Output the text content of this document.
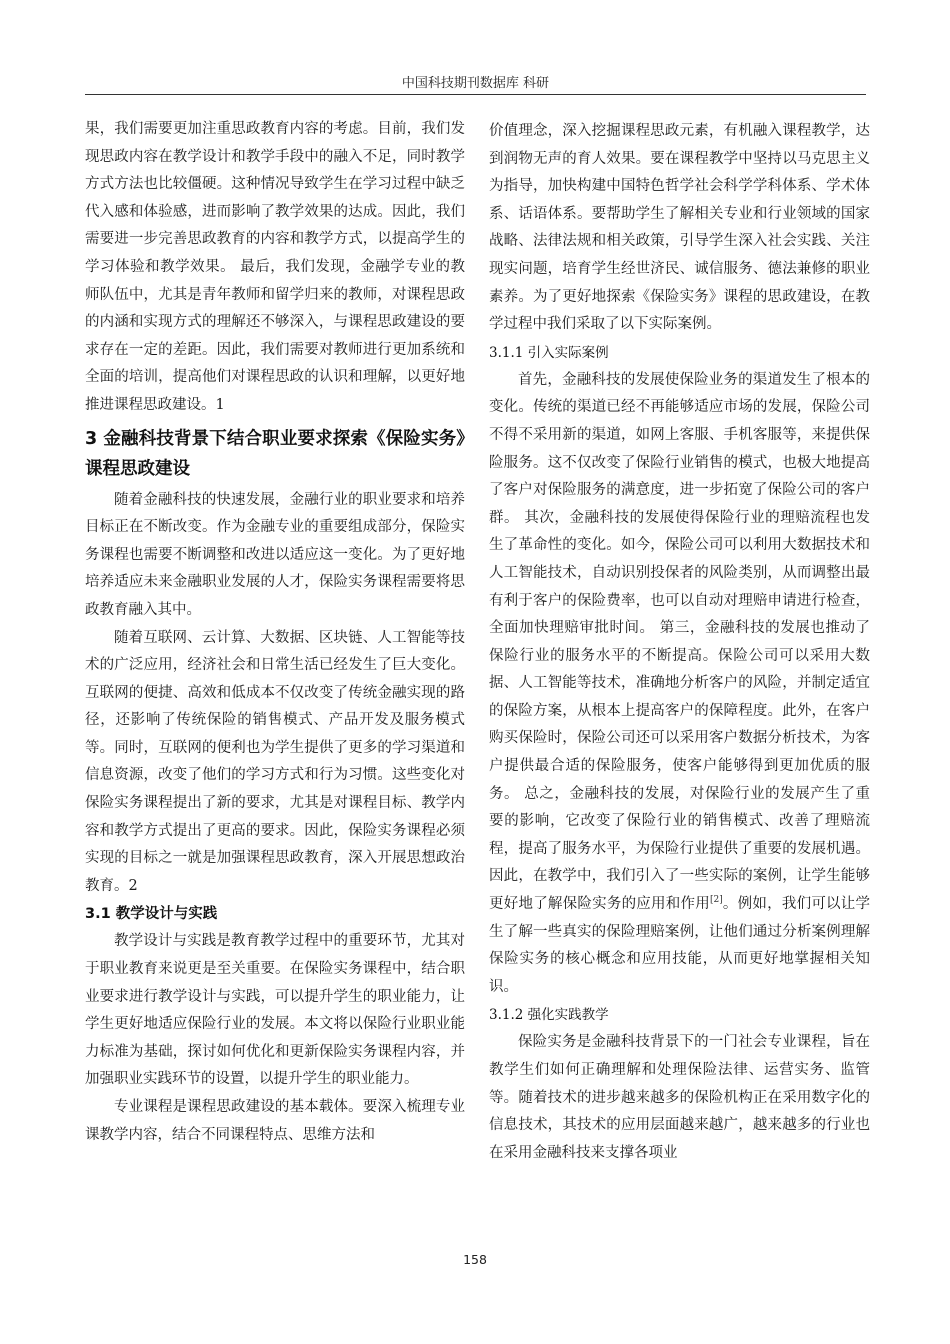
中国科技期刊数据库 科研

果，我们需要更加注重思政教育内容的考虑。目前，我们发现思政内容在教学设计和教学手段中的融入不足，同时教学方式方法也比较僵硬。这种情况导致学生在学习过程中缺乏代入感和体验感，进而影响了教学效果的达成。因此，我们需要进一步完善思政教育的内容和教学方式，以提高学生的学习体验和教学效果。 最后，我们发现，金融学专业的教师队伍中，尤其是青年教师和留学归来的教师，对课程思政的内涵和实现方式的理解还不够深入，与课程思政建设的要求存在一定的差距。因此，我们需要对教师进行更加系统和全面的培训，提高他们对课程思政的认识和理解，以更好地推进课程思政建设。1

3 金融科技背景下结合职业要求探索《保险实务》课程思政建设

随着金融科技的快速发展，金融行业的职业要求和培养目标正在不断改变。作为金融专业的重要组成部分，保险实务课程也需要不断调整和改进以适应这一变化。为了更好地培养适应未来金融职业发展的人才，保险实务课程需要将思政教育融入其中。

随着互联网、云计算、大数据、区块链、人工智能等技术的广泛应用，经济社会和日常生活已经发生了巨大变化。互联网的便捷、高效和低成本不仅改变了传统金融实现的路径，还影响了传统保险的销售模式、产品开发及服务模式等。同时，互联网的便利也为学生提供了更多的学习渠道和信息资源，改变了他们的学习方式和行为习惯。这些变化对保险实务课程提出了新的要求，尤其是对课程目标、教学内容和教学方式提出了更高的要求。因此，保险实务课程必须实现的目标之一就是加强课程思政教育，深入开展思想政治教育。2

3.1 教学设计与实践

教学设计与实践是教育教学过程中的重要环节，尤其对于职业教育来说更是至关重要。在保险实务课程中，结合职业要求进行教学设计与实践，可以提升学生的职业能力，让学生更好地适应保险行业的发展。本文将以保险行业职业能力标准为基础，探讨如何优化和更新保险实务课程内容，并加强职业实践环节的设置，以提升学生的职业能力。

专业课程是课程思政建设的基本载体。要深入梳理专业课教学内容，结合不同课程特点、思维方法和

价值理念，深入挖掘课程思政元素，有机融入课程教学，达到润物无声的育人效果。要在课程教学中坚持以马克思主义为指导，加快构建中国特色哲学社会科学学科体系、学术体系、话语体系。要帮助学生了解相关专业和行业领域的国家战略、法律法规和相关政策，引导学生深入社会实践、关注现实问题，培育学生经世济民、诚信服务、德法兼修的职业素养。为了更好地探索《保险实务》课程的思政建设，在教学过程中我们采取了以下实际案例。

3.1.1 引入实际案例

首先，金融科技的发展使保险业务的渠道发生了根本的变化。传统的渠道已经不再能够适应市场的发展，保险公司不得不采用新的渠道，如网上客服、手机客服等，来提供保险服务。这不仅改变了保险行业销售的模式，也极大地提高了客户对保险服务的满意度，进一步拓宽了保险公司的客户群。 其次，金融科技的发展使得保险行业的理赔流程也发生了革命性的变化。如今，保险公司可以利用大数据技术和人工智能技术，自动识别投保者的风险类别，从而调整出最有利于客户的保险费率，也可以自动对理赔申请进行检查，全面加快理赔审批时间。 第三，金融科技的发展也推动了保险行业的服务水平的不断提高。保险公司可以采用大数据、人工智能等技术，准确地分析客户的风险，并制定适宜的保险方案，从根本上提高客户的保障程度。此外，在客户购买保险时，保险公司还可以采用客户数据分析技术，为客户提供最合适的保险服务，使客户能够得到更加优质的服务。 总之，金融科技的发展，对保险行业的发展产生了重要的影响，它改变了保险行业的销售模式、改善了理赔流程，提高了服务水平，为保险行业提供了重要的发展机遇。因此，在教学中，我们引入了一些实际的案例，让学生能够更好地了解保险实务的应用和作用[2]。例如，我们可以让学生了解一些真实的保险理赔案例，让他们通过分析案例理解保险实务的核心概念和应用技能，从而更好地掌握相关知识。

3.1.2 强化实践教学

保险实务是金融科技背景下的一门社会专业课程，旨在教学生们如何正确理解和处理保险法律、运营实务、监管等。随着技术的进步越来越多的保险机构正在采用数字化的信息技术，其技术的应用层面越来越广，越来越多的行业也在采用金融科技来支撑各项业

158
